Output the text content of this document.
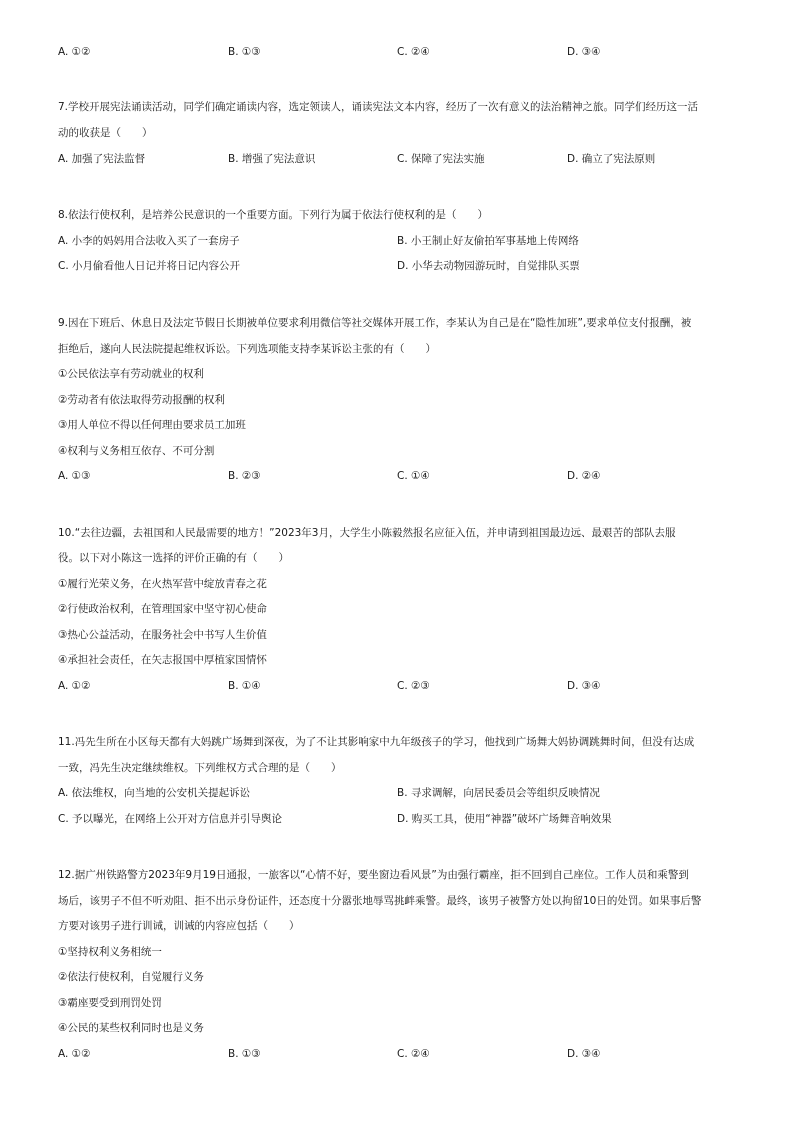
A. ①②	B. ①③	C. ②④	D. ③④
7.学校开展宪法诵读活动，同学们确定诵读内容，选定领读人，诵读宪法文本内容，经历了一次有意义的法治精神之旅。同学们经历这一活
动的收获是（　　）
A. 加强了宪法监督	B. 增强了宪法意识	C. 保障了宪法实施	D. 确立了宪法原则
8.依法行使权利，是培养公民意识的一个重要方面。下列行为属于依法行使权利的是（　　）
A. 小李的妈妈用合法收入买了一套房子	B. 小王制止好友偷拍军事基地上传网络
C. 小月偷看他人日记并将日记内容公开	D. 小华去动物园游玩时，自觉排队买票
9.因在下班后、休息日及法定节假日长期被单位要求利用微信等社交媒体开展工作，李某认为自己是在“隐性加班”,要求单位支付报酬，被
拒绝后，遂向人民法院提起维权诉讼。下列选项能支持李某诉讼主张的有（　　）
①公民依法享有劳动就业的权利
②劳动者有依法取得劳动报酬的权利
③用人单位不得以任何理由要求员工加班
④权利与义务相互依存、不可分割
A. ①③	B. ②③	C. ①④	D. ②④
10.“去往边疆，去祖国和人民最需要的地方！”2023年3月，大学生小陈毅然报名应征入伍，并申请到祖国最边远、最艰苦的部队去服
役。以下对小陈这一选择的评价正确的有（　　）
①履行光荣义务，在火热军营中绽放青春之花
②行使政治权利，在管理国家中坚守初心使命
③热心公益活动，在服务社会中书写人生价值
④承担社会责任，在矢志报国中厚植家国情怀
A. ①②	B. ①④	C. ②③	D. ③④
11.冯先生所在小区每天都有大妈跳广场舞到深夜，为了不让其影响家中九年级孩子的学习，他找到广场舞大妈协调跳舞时间，但没有达成
一致，冯先生决定继续维权。下列维权方式合理的是（　　）
A. 依法维权，向当地的公安机关提起诉讼	B. 寻求调解，向居民委员会等组织反映情况
C. 予以曝光，在网络上公开对方信息并引导舆论	D. 购买工具，使用“神器”破坏广场舞音响效果
12.据广州铁路警方2023年9月19日通报，一旅客以“心情不好，要坐窗边看风景”为由强行霸座，拒不回到自己座位。工作人员和乘警到
场后，该男子不但不听劝阻、拒不出示身份证件，还态度十分嚣张地辱骂挑衅乘警。最终，该男子被警方处以拘留10日的处罚。如果事后警
方要对该男子进行训诫，训诫的内容应包括（　　）
①坚持权利义务相统一
②依法行使权利，自觉履行义务
③霸座要受到刑罚处罚
④公民的某些权利同时也是义务
A. ①②	B. ①③	C. ②④	D. ③④
